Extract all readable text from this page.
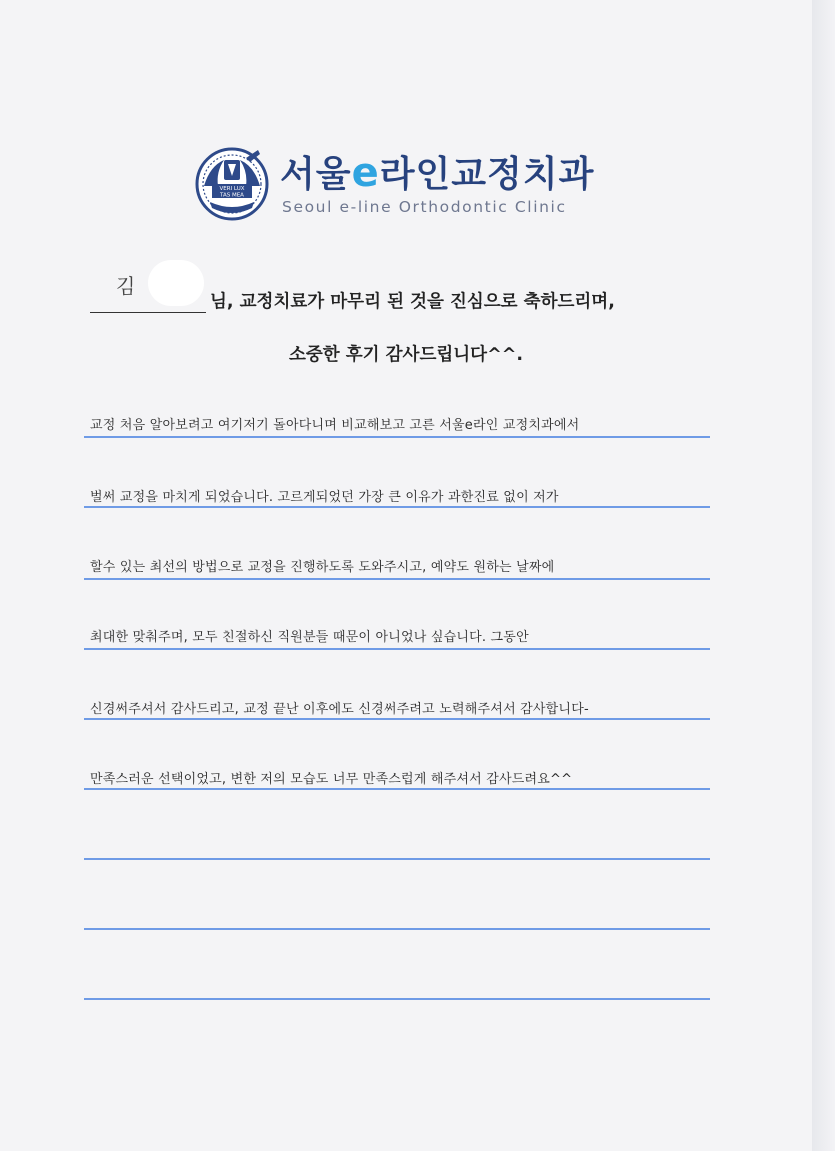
VERI LUX
TAS MEA
서울 e 라인교정치과
Seoul e-line Orthodontic Clinic
김
님, 교정치료가 마무리 된 것을 진심으로 축하드리며,
소중한 후기 감사드립니다^^.
교정 처음 알아보려고 여기저기 돌아다니며 비교해보고 고른 서울e라인 교정치과에서
벌써 교정을 마치게 되었습니다. 고르게되었던 가장 큰 이유가 과한진료 없이 저가
할수 있는 최선의 방법으로 교정을 진행하도록 도와주시고, 예약도 원하는 날짜에
최대한 맞춰주며, 모두 친절하신 직원분들 때문이 아니었나 싶습니다. 그동안
신경써주셔서 감사드리고, 교정 끝난 이후에도 신경써주려고 노력해주셔서 감사합니다-
만족스러운 선택이었고, 변한 저의 모습도 너무 만족스럽게 해주셔서 감사드려요^^
